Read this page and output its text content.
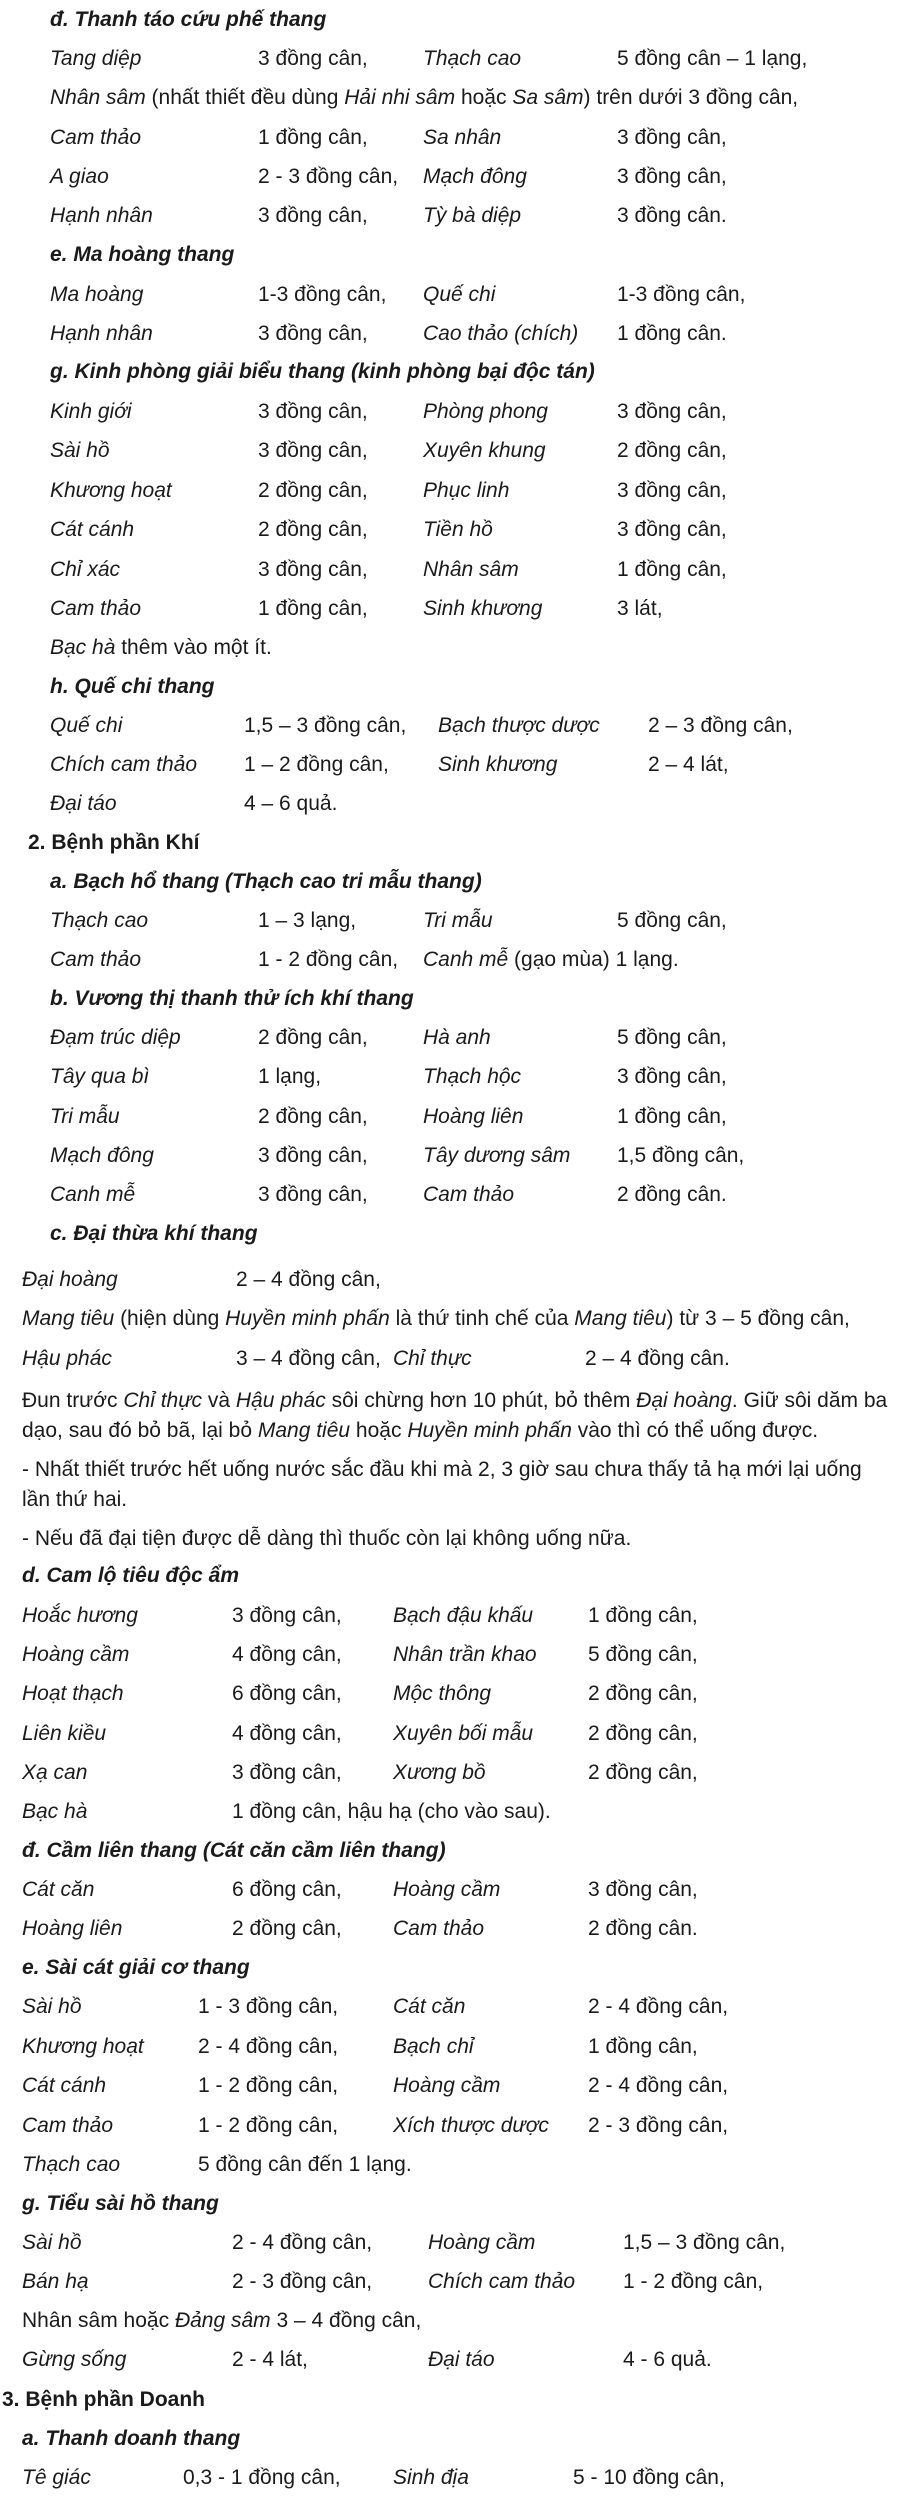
đ. Thanh táo cứu phế thang
Tang diệp	3 đồng cân,	Thạch cao	5 đồng cân – 1 lạng,
Nhân sâm (nhất thiết đều dùng Hải nhi sâm hoặc Sa sâm) trên dưới 3 đồng cân,
Cam thảo	1 đồng cân,	Sa nhân	3 đồng cân,
A giao	2 - 3 đồng cân, Mạch đông	3 đồng cân,
Hạnh nhân	3 đồng cân,	Tỳ bà diệp	3 đồng cân.
e. Ma hoàng thang
Ma hoàng	1-3 đồng cân, Quế chi	1-3 đồng cân,
Hạnh nhân	3 đồng cân,	Cao thảo (chích) 1 đồng cân.
g. Kinh phòng giải biểu thang (kinh phòng bại độc tán)
Kinh giới	3 đồng cân,	Phòng phong	3 đồng cân,
Sài hồ	3 đồng cân,	Xuyên khung	2 đồng cân,
Khương hoạt	2 đồng cân,	Phục linh	3 đồng cân,
Cát cánh	2 đồng cân,	Tiền hồ	3 đồng cân,
Chỉ xác	3 đồng cân,	Nhân sâm	1 đồng cân,
Cam thảo	1 đồng cân,	Sinh khương	3 lát,
Bạc hà thêm vào một ít.
h. Quế chi thang
Quế chi	1,5 – 3 đồng cân, Bạch thược dược 2 – 3 đồng cân,
Chích cam thảo 1 – 2 đồng cân, Sinh khương	2 – 4 lát,
Đại táo	4 – 6 quả.
2. Bệnh phần Khí
a. Bạch hổ thang (Thạch cao tri mẫu thang)
Thạch cao	1 – 3 lạng,	Tri mẫu	5 đồng cân,
Cam thảo	1 - 2 đồng cân, Canh mễ (gạo mùa) 1 lạng.
b. Vương thị thanh thử ích khí thang
Đạm trúc diệp	2 đồng cân,	Hà anh	5 đồng cân,
Tây qua bì	1 lạng,	Thạch hộc	3 đồng cân,
Tri mẫu	2 đồng cân,	Hoàng liên	1 đồng cân,
Mạch đông	3 đồng cân,	Tây dương sâm 1,5 đồng cân,
Canh mễ	3 đồng cân,	Cam thảo	2 đồng cân.
c. Đại thừa khí thang
Đại hoàng	2 – 4 đồng cân,
Mang tiêu (hiện dùng Huyền minh phấn là thứ tinh chế của Mang tiêu) từ 3 – 5 đồng cân,
Hậu phác	3 – 4 đồng cân, Chỉ thực	2 – 4 đồng cân.
Đun trước Chỉ thực và Hậu phác sôi chừng hơn 10 phút, bỏ thêm Đại hoàng. Giữ sôi dăm ba dạo, sau đó bỏ bã, lại bỏ Mang tiêu hoặc Huyền minh phấn vào thì có thể uống được.
- Nhất thiết trước hết uống nước sắc đầu khi mà 2, 3 giờ sau chưa thấy tả hạ mới lại uống lần thứ hai.
- Nếu đã đại tiện được dễ dàng thì thuốc còn lại không uống nữa.
d. Cam lộ tiêu độc ẩm
Hoắc hương	3 đồng cân, Bạch đậu khấu	1 đồng cân,
Hoàng cầm	4 đồng cân, Nhân trần khao 5 đồng cân,
Hoạt thạch	6 đồng cân, Mộc thông	2 đồng cân,
Liên kiều	4 đồng cân, Xuyên bối mẫu	2 đồng cân,
Xạ can	3 đồng cân, Xương bồ	2 đồng cân,
Bạc hà	1 đồng cân, hậu hạ (cho vào sau).
đ. Cầm liên thang (Cát căn cầm liên thang)
Cát căn	6 đồng cân, Hoàng cầm	3 đồng cân,
Hoàng liên	2 đồng cân, Cam thảo	2 đồng cân.
e. Sài cát giải cơ thang
Sài hồ	1 - 3 đồng cân,	Cát căn	2 - 4 đồng cân,
Khương hoạt	2 - 4 đồng cân,	Bạch chỉ	1 đồng cân,
Cát cánh	1 - 2 đồng cân,	Hoàng cầm	2 - 4 đồng cân,
Cam thảo	1 - 2 đồng cân,	Xích thược dược 2 - 3 đồng cân,
Thạch cao	5 đồng cân đến 1 lạng.
g. Tiểu sài hồ thang
Sài hồ	2 - 4 đồng cân,	Hoàng cầm	1,5 – 3 đồng cân,
Bán hạ	2 - 3 đồng cân,	Chích cam thảo 1 - 2 đồng cân,
Nhân sâm hoặc Đảng sâm 3 – 4 đồng cân,
Gừng sống	2 - 4 lát,	Đại táo	4 - 6 quả.
3. Bệnh phần Doanh
a. Thanh doanh thang
Tê giác	0,3 - 1 đồng cân, Sinh địa	5 - 10 đồng cân,
